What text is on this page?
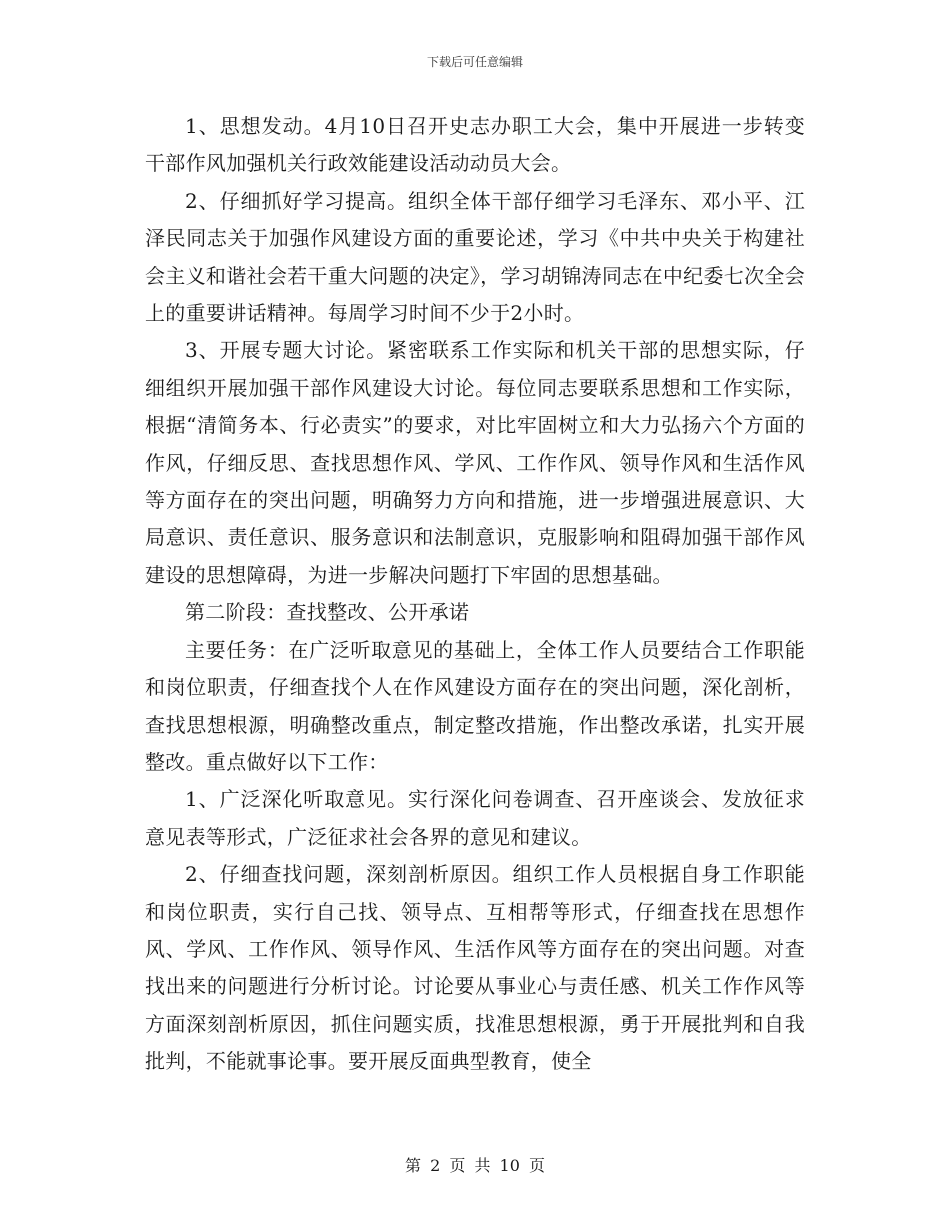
下载后可任意编辑

1、思想发动。4月10日召开史志办职工大会，集中开展进一步转变干部作风加强机关行政效能建设活动动员大会。

2、仔细抓好学习提高。组织全体干部仔细学习毛泽东、邓小平、江泽民同志关于加强作风建设方面的重要论述，学习《中共中央关于构建社会主义和谐社会若干重大问题的决定》，学习胡锦涛同志在中纪委七次全会上的重要讲话精神。每周学习时间不少于2小时。

3、开展专题大讨论。紧密联系工作实际和机关干部的思想实际，仔细组织开展加强干部作风建设大讨论。每位同志要联系思想和工作实际，根据“清简务本、行必责实”的要求，对比牢固树立和大力弘扬六个方面的作风，仔细反思、查找思想作风、学风、工作作风、领导作风和生活作风等方面存在的突出问题，明确努力方向和措施，进一步增强进展意识、大局意识、责任意识、服务意识和法制意识，克服影响和阻碍加强干部作风建设的思想障碍，为进一步解决问题打下牢固的思想基础。

第二阶段：查找整改、公开承诺

主要任务：在广泛听取意见的基础上，全体工作人员要结合工作职能和岗位职责，仔细查找个人在作风建设方面存在的突出问题，深化剖析，查找思想根源，明确整改重点，制定整改措施，作出整改承诺，扎实开展整改。重点做好以下工作：

1、广泛深化听取意见。实行深化问卷调查、召开座谈会、发放征求意见表等形式，广泛征求社会各界的意见和建议。

2、仔细查找问题，深刻剖析原因。组织工作人员根据自身工作职能和岗位职责，实行自己找、领导点、互相帮等形式，仔细查找在思想作风、学风、工作作风、领导作风、生活作风等方面存在的突出问题。对查找出来的问题进行分析讨论。讨论要从事业心与责任感、机关工作作风等方面深刻剖析原因，抓住问题实质，找准思想根源，勇于开展批判和自我批判，不能就事论事。要开展反面典型教育，使全

第 2 页 共 10 页
